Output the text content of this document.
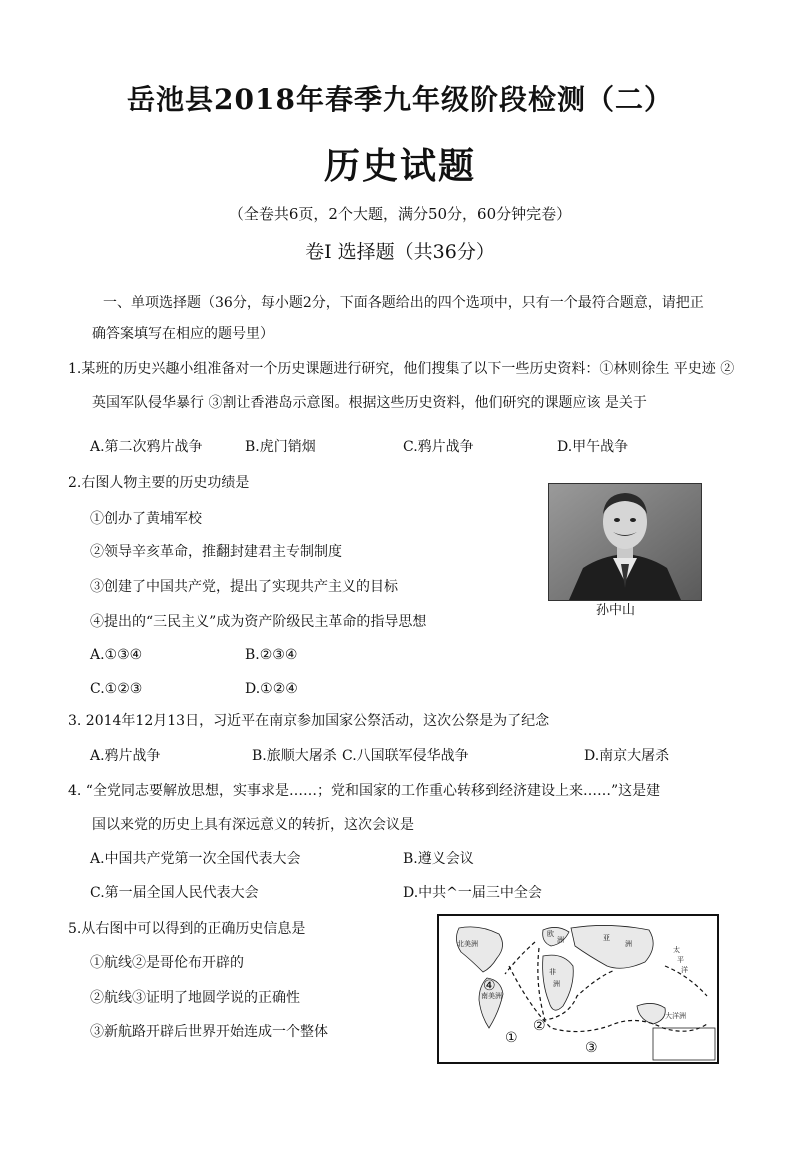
岳池县2018年春季九年级阶段检测（二）
历史试题
（全卷共6页，2个大题，满分50分，60分钟完卷）
卷Ⅰ 选择题（共36分）
一、单项选择题（36分，每小题2分，下面各题给出的四个选项中，只有一个最符合题意，请把正
确答案填写在相应的题号里）
1.某班的历史兴趣小组准备对一个历史课题进行研究，他们搜集了以下一些历史资料：①林则徐生 平史迹 ②
英国军队侵华暴行 ③割让香港岛示意图。根据这些历史资料，他们研究的课题应该 是关于
A.第二次鸦片战争	B.虎门销烟	C.鸦片战争	D.甲午战争
2.右图人物主要的历史功绩是
①创办了黄埔军校
②领导辛亥革命，推翻封建君主专制制度
③创建了中国共产党，提出了实现共产主义的目标
④提出的“三民主义”成为资产阶级民主革命的指导思想
A.①③④	B.②③④
C.①②③	D.①②④
孙中山
3. 2014年12月13日，习近平在南京参加国家公祭活动，这次公祭是为了纪念
A.鸦片战争	B.旅顺大屠杀 C.八国联军侵华战争	D.南京大屠杀
4. “全党同志要解放思想，实事求是……；党和国家的工作重心转移到经济建设上来……”这是建
国以来党的历史上具有深远意义的转折，这次会议是
A.中国共产党第一次全国代表大会	B.遵义会议
C.第一届全国人民代表大会	D.中共^一届三中全会
5.从右图中可以得到的正确历史信息是
①航线②是哥伦布开辟的
②航线③证明了地圆学说的正确性
③新航路开辟后世界开始连成一个整体
北美洲
欧
洲
非
洲
亚
洲
南美洲
大洋洲
太
平
洋
①
②
③
④
